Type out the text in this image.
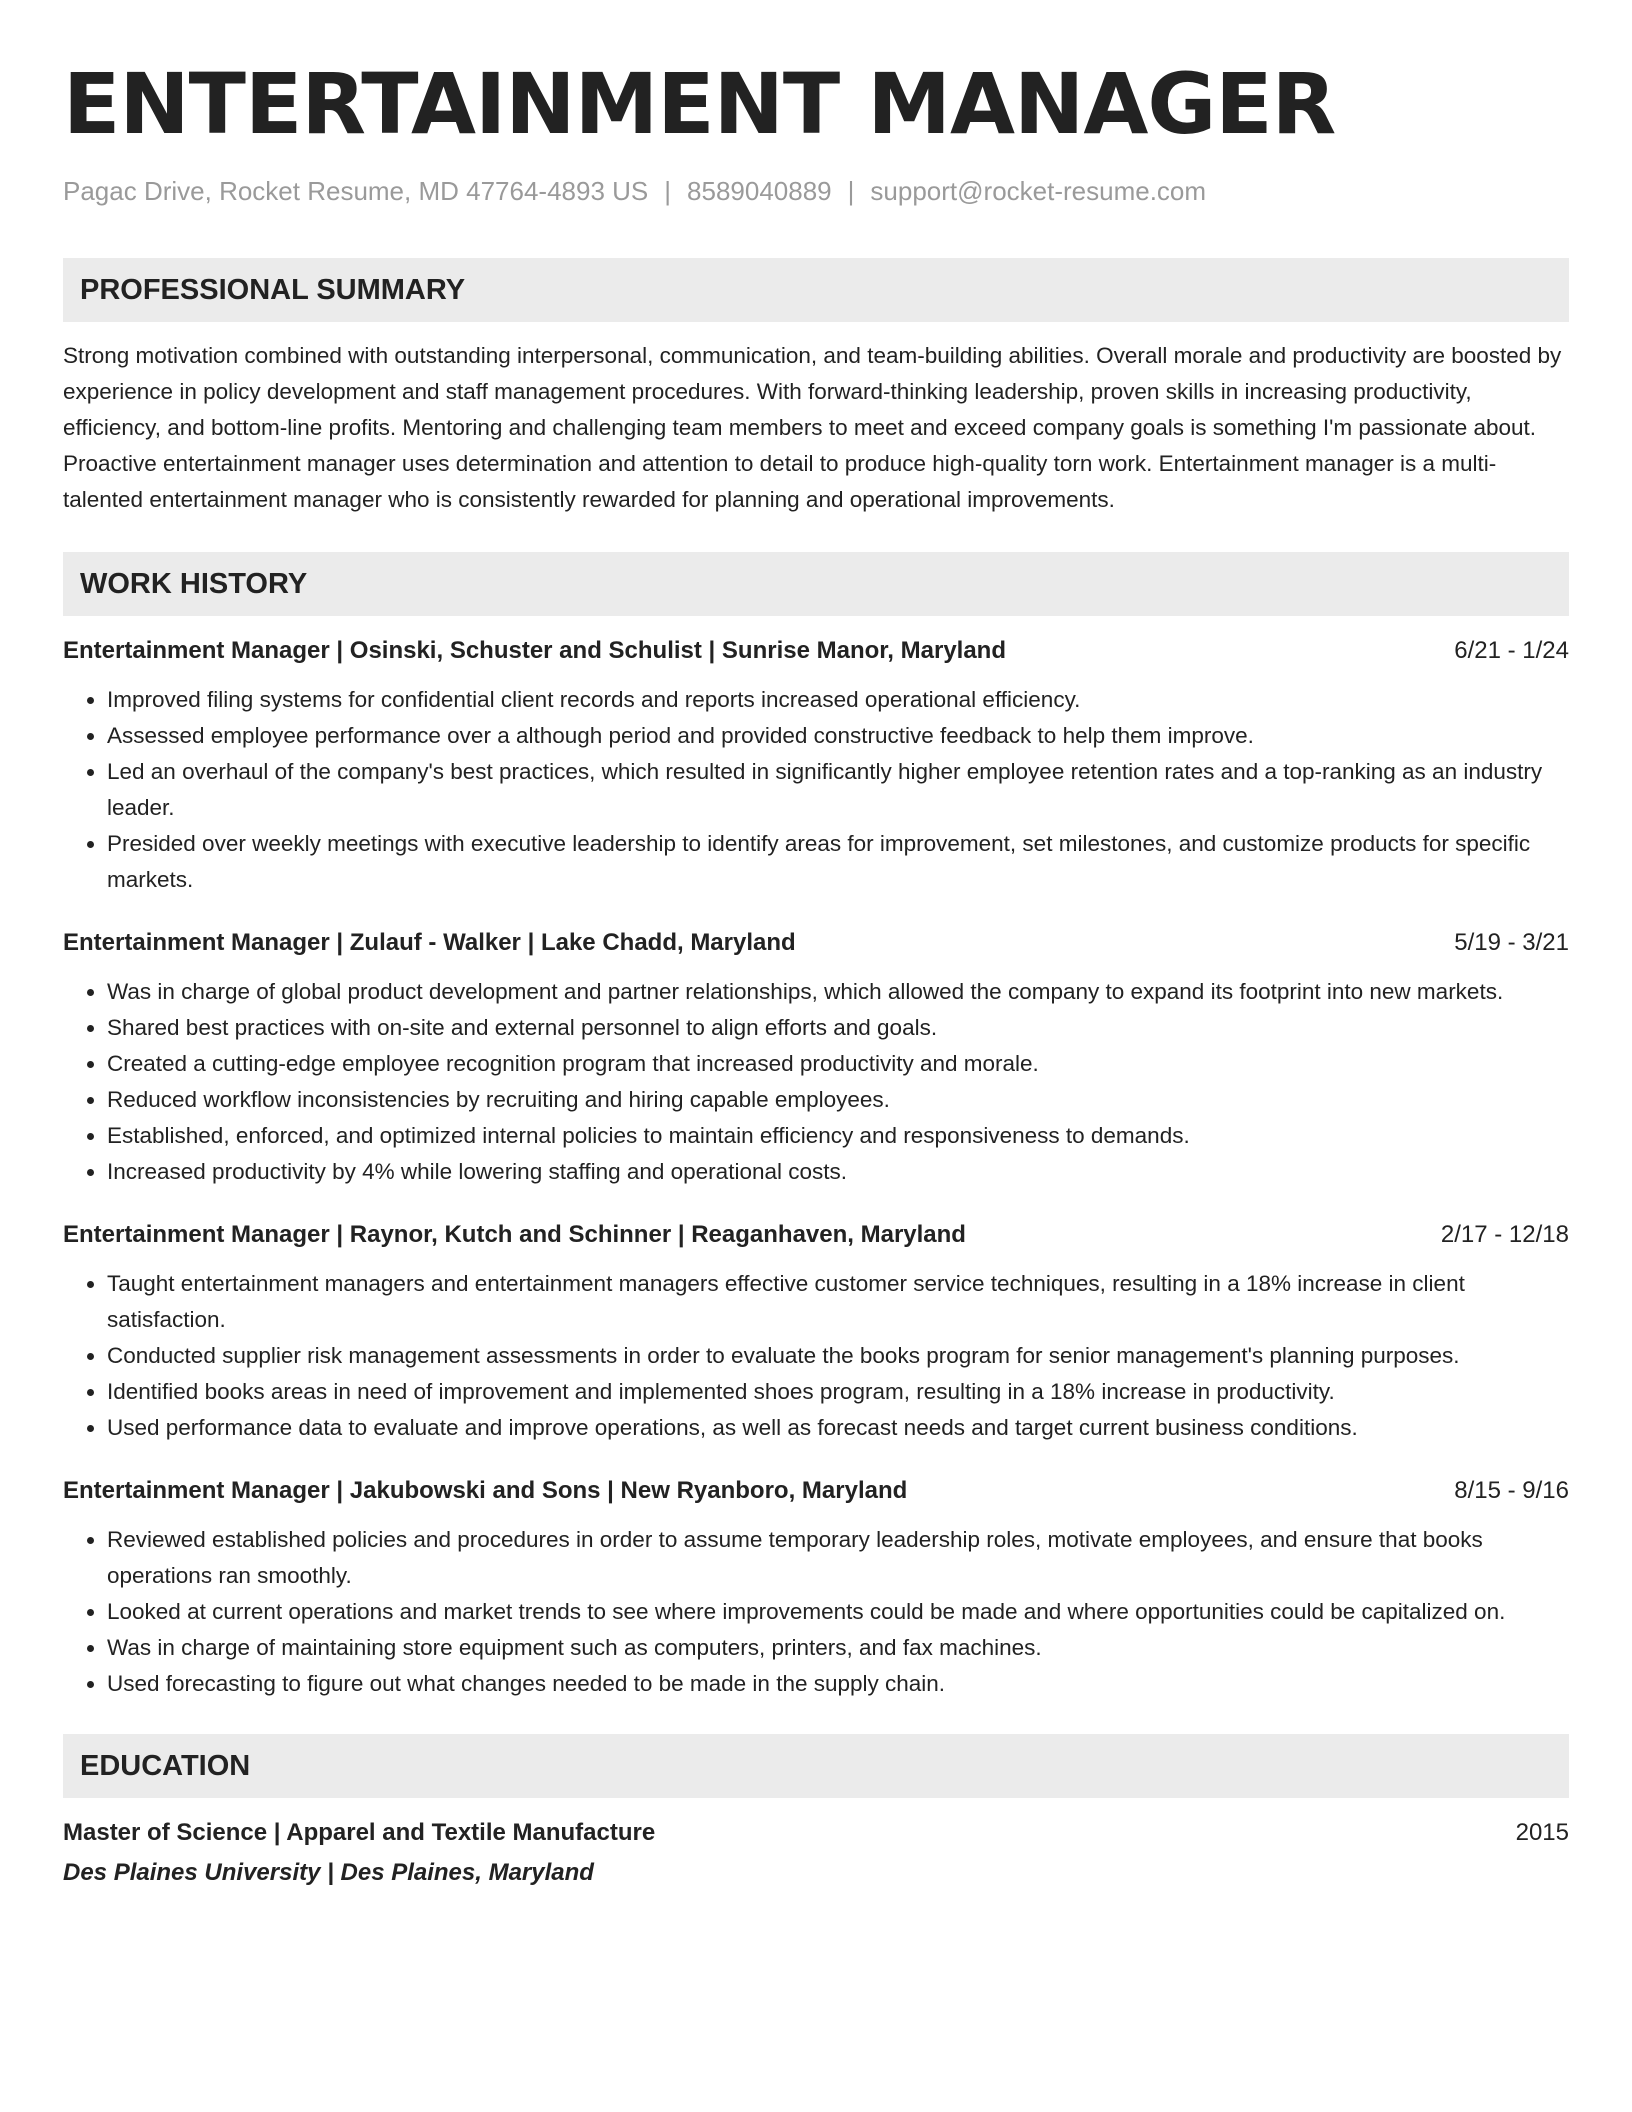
ENTERTAINMENT MANAGER
Pagac Drive, Rocket Resume, MD 47764-4893 US | 8589040889 | support@rocket-resume.com
PROFESSIONAL SUMMARY

Strong motivation combined with outstanding interpersonal, communication, and team-building abilities. Overall morale and productivity are boosted by experience in policy development and staff management procedures. With forward-thinking leadership, proven skills in increasing productivity, efficiency, and bottom-line profits. Mentoring and challenging team members to meet and exceed company goals is something I'm passionate about. Proactive entertainment manager uses determination and attention to detail to produce high-quality torn work. Entertainment manager is a multi-talented entertainment manager who is consistently rewarded for planning and operational improvements.

WORK HISTORY
Entertainment Manager | Osinski, Schuster and Schulist | Sunrise Manor, Maryland	6/21 - 1/24
• Improved filing systems for confidential client records and reports increased operational efficiency.
• Assessed employee performance over a although period and provided constructive feedback to help them improve.
• Led an overhaul of the company's best practices, which resulted in significantly higher employee retention rates and a top-ranking as an industry leader.
• Presided over weekly meetings with executive leadership to identify areas for improvement, set milestones, and customize products for specific markets.
Entertainment Manager | Zulauf - Walker | Lake Chadd, Maryland	5/19 - 3/21
• Was in charge of global product development and partner relationships, which allowed the company to expand its footprint into new markets.
• Shared best practices with on-site and external personnel to align efforts and goals.
• Created a cutting-edge employee recognition program that increased productivity and morale.
• Reduced workflow inconsistencies by recruiting and hiring capable employees.
• Established, enforced, and optimized internal policies to maintain efficiency and responsiveness to demands.
• Increased productivity by 4% while lowering staffing and operational costs.
Entertainment Manager | Raynor, Kutch and Schinner | Reaganhaven, Maryland	2/17 - 12/18
• Taught entertainment managers and entertainment managers effective customer service techniques, resulting in a 18% increase in client satisfaction.
• Conducted supplier risk management assessments in order to evaluate the books program for senior management's planning purposes.
• Identified books areas in need of improvement and implemented shoes program, resulting in a 18% increase in productivity.
• Used performance data to evaluate and improve operations, as well as forecast needs and target current business conditions.
Entertainment Manager | Jakubowski and Sons | New Ryanboro, Maryland	8/15 - 9/16
• Reviewed established policies and procedures in order to assume temporary leadership roles, motivate employees, and ensure that books operations ran smoothly.
• Looked at current operations and market trends to see where improvements could be made and where opportunities could be capitalized on.
• Was in charge of maintaining store equipment such as computers, printers, and fax machines.
• Used forecasting to figure out what changes needed to be made in the supply chain.
EDUCATION
Master of Science | Apparel and Textile Manufacture	2015
Des Plaines University | Des Plaines, Maryland
